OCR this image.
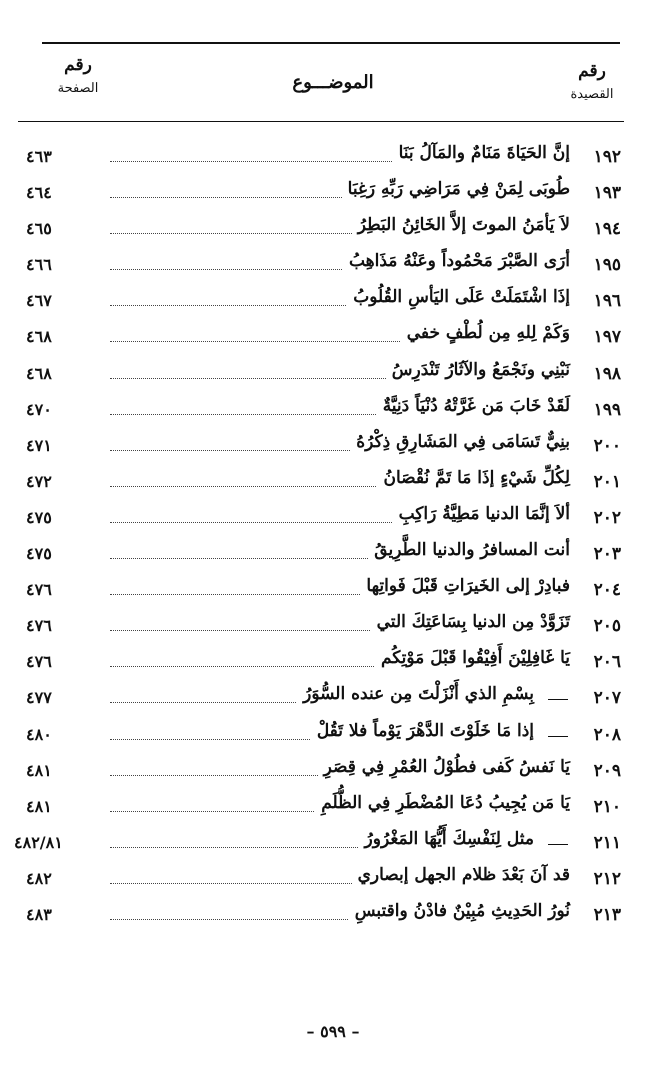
رقم
القصيدة
الموضـــوع
رقم
الصفحة
١٩٢
إنَّ الحَيَاةَ مَنَامٌ والمَآلُ بَنَا
٤٦٣
١٩٣
طُوبَى لِمَنْ فِي مَرَاضِي رَبِّهِ رَغِبَا
٤٦٤
١٩٤
لاَ يَأمَنُ الموتَ إلاَّ الخَائِنُ البَطِرُ
٤٦٥
١٩٥
أرَى الصَّبْرَ مَحْمُوداً وعَنْهُ مَذَاهِبُ
٤٦٦
١٩٦
إذَا اشْتَمَلَتْ عَلَى اليَأسِ القُلُوبُ
٤٦٧
١٩٧
وَكَمْ لِلهِ مِن لُطْفٍ خفي
٤٦٨
١٩٨
نَبْنِي ونَجْمَعُ والآثَارُ تَنْدَرِسُ
٤٦٨
١٩٩
لَقَدْ خَابَ مَن غَرَّتْهُ دُنْيَاً دَنِيَّةٌ
٤٧٠
٢٠٠
بنِيٌّ تَسَامَى فِي المَشَارِقِ ذِكْرُهُ
٤٧١
٢٠١
لِكُلِّ شَيْءٍ إذَا مَا تَمَّ نُقْصَانُ
٤٧٢
٢٠٢
ألاَ إنَّمَا الدنيا مَطِيَّةُ رَاكِبِ
٤٧٥
٢٠٣
أنت المسافرُ والدنيا الطَّرِيقُ
٤٧٥
٢٠٤
فبادِرْ إلى الخَيرَاتِ قَبْلَ فَواتِها
٤٧٦
٢٠٥
تَزَوَّدْ مِن الدنيا بِسَاعَتِكَ التي
٤٧٦
٢٠٦
يَا غَافِلِيْنَ أَفِيْقُوا قَبْلَ مَوْتِكُم
٤٧٦
٢٠٧
بِسْمِ الذي أَنْزَلْتَ مِن عنده السُّوَرُ
٤٧٧
٢٠٨
إذا مَا خَلَوْتَ الدَّهْرَ يَوْماً فلا تَقُلْ
٤٨٠
٢٠٩
يَا نَفسُ كَفى فطُوْلُ العُمْرِ فِي قِصَرِ
٤٨١
٢١٠
يَا مَن يُجِيبُ دُعَا المُضْطَرِ فِي الظُّلَمِ
٤٨١
٢١١
مثل لِنَفْسِكَ أَيُّهَا المَغْرُورُ
٤٨٢/٨١
٢١٢
قد آنَ بَعْدَ ظلام الجهل إبصاري
٤٨٢
٢١٣
نُورُ الحَدِيثِ مُبِيْنٌ فادْنُ واقتبسِ
٤٨٣
– ٥٩٩ –
